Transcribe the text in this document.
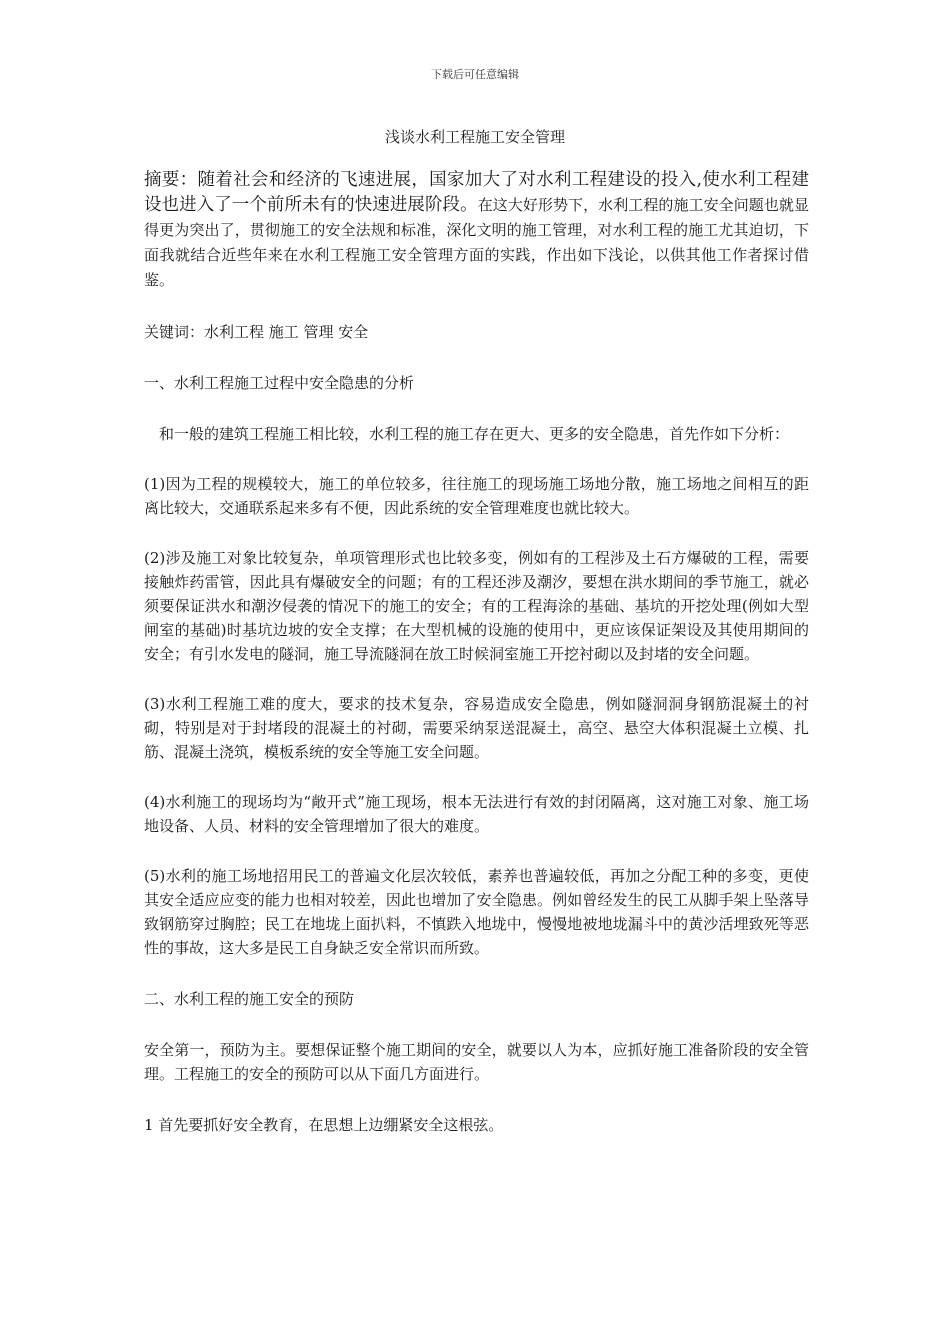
下载后可任意编辑
浅谈水利工程施工安全管理

摘要：随着社会和经济的飞速进展，国家加大了对水利工程建设的投入,使水利工程建设也进入了一个前所未有的快速进展阶段。在这大好形势下，水利工程的施工安全问题也就显得更为突出了，贯彻施工的安全法规和标准，深化文明的施工管理，对水利工程的施工尤其迫切，下面我就结合近些年来在水利工程施工安全管理方面的实践，作出如下浅论，以供其他工作者探讨借鉴。

关键词：水利工程 施工 管理 安全

一、水利工程施工过程中安全隐患的分析

和一般的建筑工程施工相比较，水利工程的施工存在更大、更多的安全隐患，首先作如下分析：

(1)因为工程的规模较大，施工的单位较多，往往施工的现场施工场地分散，施工场地之间相互的距离比较大，交通联系起来多有不便，因此系统的安全管理难度也就比较大。

(2)涉及施工对象比较复杂，单项管理形式也比较多变，例如有的工程涉及土石方爆破的工程，需要接触炸药雷管，因此具有爆破安全的问题；有的工程还涉及潮汐，要想在洪水期间的季节施工，就必须要保证洪水和潮汐侵袭的情况下的施工的安全；有的工程海涂的基础、基坑的开挖处理(例如大型闸室的基础)时基坑边坡的安全支撑；在大型机械的设施的使用中，更应该保证架设及其使用期间的安全；有引水发电的隧洞，施工导流隧洞在放工时候洞室施工开挖衬砌以及封堵的安全问题。

(3)水利工程施工难的度大，要求的技术复杂，容易造成安全隐患，例如隧洞洞身钢筋混凝土的衬砌，特别是对于封堵段的混凝土的衬砌，需要采纳泵送混凝土，高空、悬空大体积混凝土立模、扎筋、混凝土浇筑，模板系统的安全等施工安全问题。

(4)水利施工的现场均为“敞开式”施工现场，根本无法进行有效的封闭隔离，这对施工对象、施工场地设备、人员、材料的安全管理增加了很大的难度。

(5)水利的施工场地招用民工的普遍文化层次较低，素养也普遍较低，再加之分配工种的多变，更使其安全适应应变的能力也相对较差，因此也增加了安全隐患。例如曾经发生的民工从脚手架上坠落导致钢筋穿过胸腔；民工在地垅上面扒料，不慎跌入地垅中，慢慢地被地垅漏斗中的黄沙活埋致死等恶性的事故，这大多是民工自身缺乏安全常识而所致。

二、水利工程的施工安全的预防

安全第一，预防为主。要想保证整个施工期间的安全，就要以人为本，应抓好施工准备阶段的安全管理。工程施工的安全的预防可以从下面几方面进行。

1 首先要抓好安全教育，在思想上边绷紧安全这根弦。
